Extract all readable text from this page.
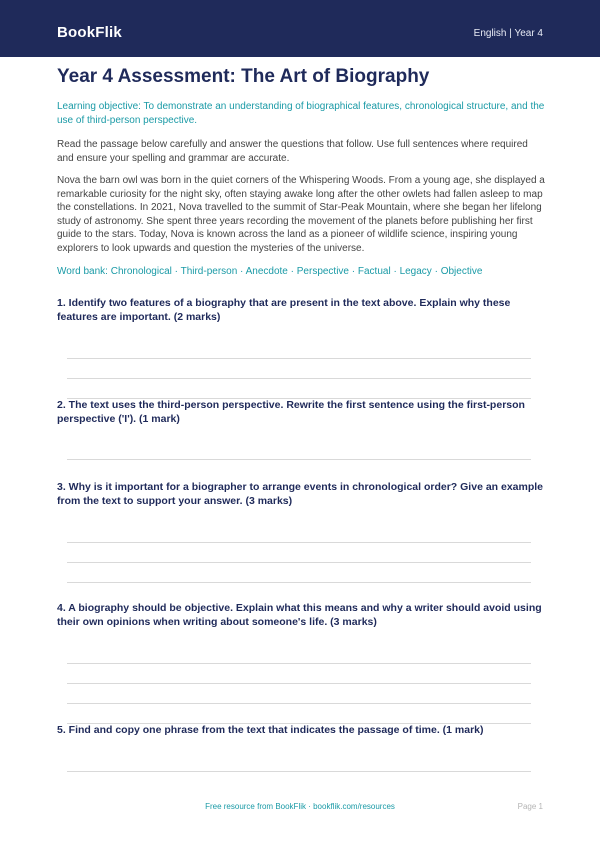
BookFlik	English | Year 4
Year 4 Assessment: The Art of Biography
Learning objective: To demonstrate an understanding of biographical features, chronological structure, and the use of third-person perspective.
Read the passage below carefully and answer the questions that follow. Use full sentences where required and ensure your spelling and grammar are accurate.
Nova the barn owl was born in the quiet corners of the Whispering Woods. From a young age, she displayed a remarkable curiosity for the night sky, often staying awake long after the other owlets had fallen asleep to map the constellations. In 2021, Nova travelled to the summit of Star-Peak Mountain, where she began her lifelong study of astronomy. She spent three years recording the movement of the planets before publishing her first guide to the stars. Today, Nova is known across the land as a pioneer of wildlife science, inspiring young explorers to look upwards and question the mysteries of the universe.
Word bank: Chronological · Third-person · Anecdote · Perspective · Factual · Legacy · Objective
1. Identify two features of a biography that are present in the text above. Explain why these features are important. (2 marks)
2. The text uses the third-person perspective. Rewrite the first sentence using the first-person perspective ('I'). (1 mark)
3. Why is it important for a biographer to arrange events in chronological order? Give an example from the text to support your answer. (3 marks)
4. A biography should be objective. Explain what this means and why a writer should avoid using their own opinions when writing about someone's life. (3 marks)
5. Find and copy one phrase from the text that indicates the passage of time. (1 mark)
Free resource from BookFlik · bookflik.com/resources	Page 1
